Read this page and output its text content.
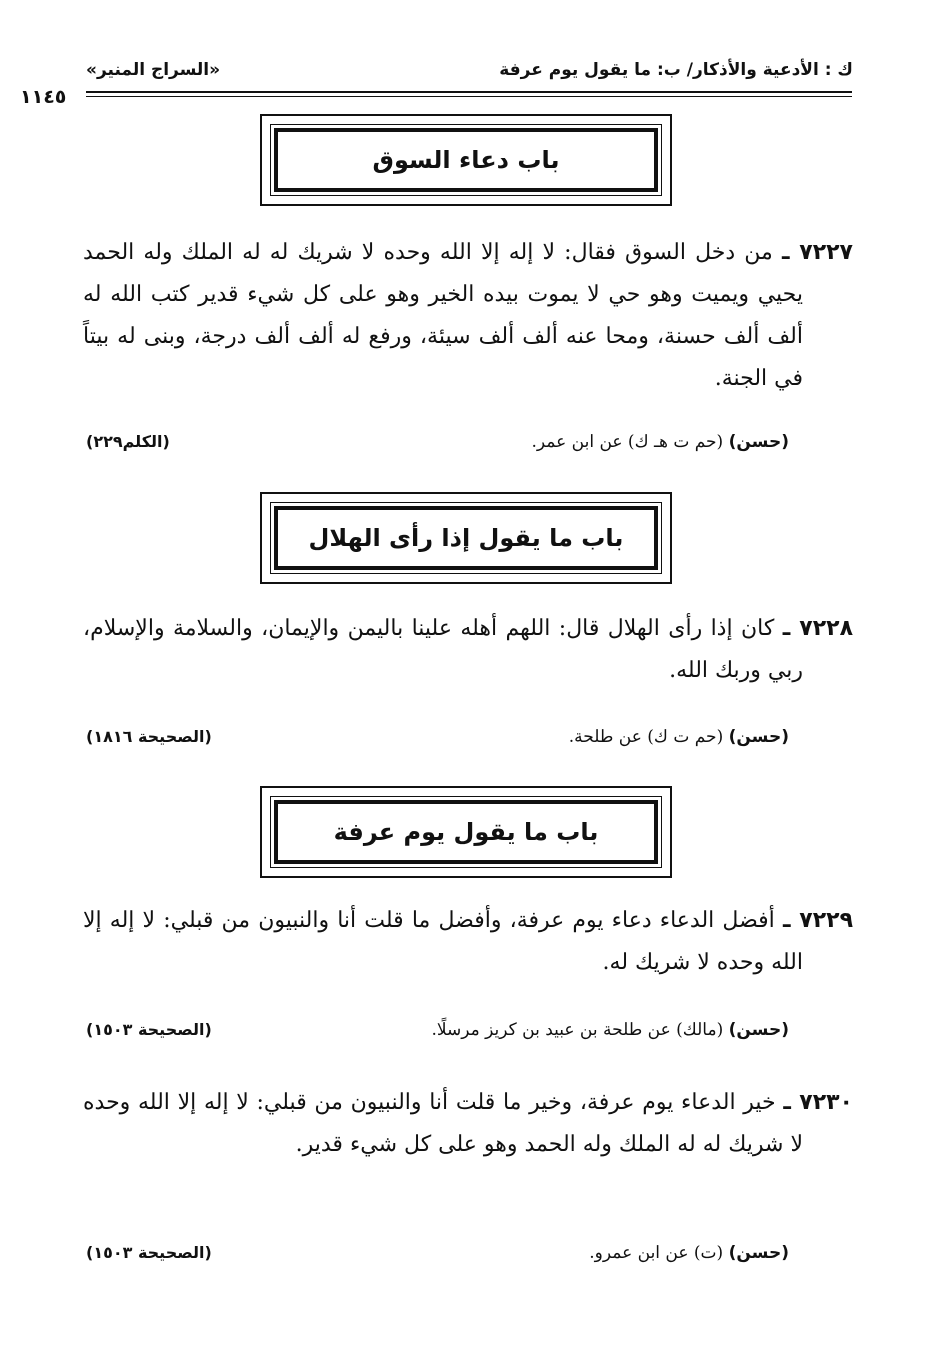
ك : الأدعية والأذكار/ ب: ما يقول يوم عرفة
«السراج المنير»
١١٤٥
باب دعاء السوق
٧٢٢٧ ـ من دخل السوق فقال: لا إله إلا الله وحده لا شريك له له الملك وله الحمد يحيي ويميت وهو حي لا يموت بيده الخير وهو على كل شيء قدير كتب الله له ألف ألف حسنة، ومحا عنه ألف ألف سيئة، ورفع له ألف ألف درجة، وبنى له بيتاً في الجنة.
(حسن) (حم ت هـ ك) عن ابن عمر.
(الكلم٢٢٩)
باب ما يقول إذا رأى الهلال
٧٢٢٨ ـ كان إذا رأى الهلال قال: اللهم أهله علينا باليمن والإيمان، والسلامة والإسلام، ربي وربك الله.
(حسن) (حم ت ك) عن طلحة.
(الصحيحة ١٨١٦)
باب ما يقول يوم عرفة
٧٢٢٩ ـ أفضل الدعاء دعاء يوم عرفة، وأفضل ما قلت أنا والنبيون من قبلي: لا إله إلا الله وحده لا شريك له.
(حسن) (مالك) عن طلحة بن عبيد بن كريز مرسلًا.
(الصحيحة ١٥٠٣)
٧٢٣٠ ـ خير الدعاء يوم عرفة، وخير ما قلت أنا والنبيون من قبلي: لا إله إلا الله وحده لا شريك له له الملك وله الحمد وهو على كل شيء قدير.
(حسن) (ت) عن ابن عمرو.
(الصحيحة ١٥٠٣)
